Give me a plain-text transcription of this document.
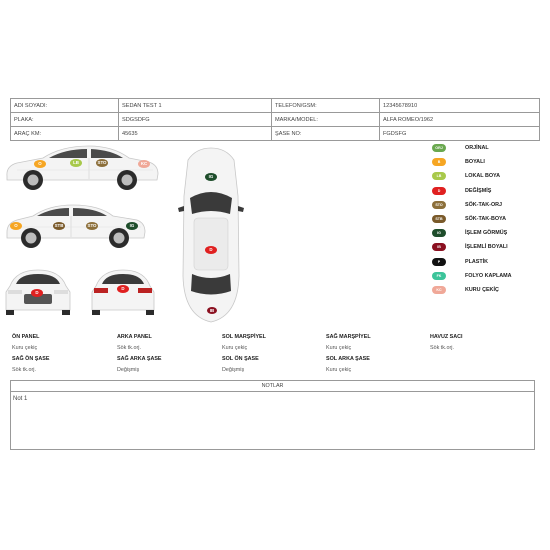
ADI SOYADI:	SEDAN TEST 1	TELEFON/GSM:	12345678910
PLAKA:	SDGSDFG	MARKA/MODEL:	ALFA ROMEO/1962
ARAÇ KM:	45635	ŞASE NO:	FGDSFG
O	LB	STO	KC
O	STB	STO	IG
IG
D
IB
D
D
ORJ	ORJİNAL
B	BOYALI
LB	LOKAL BOYA
D	DEĞİŞMİŞ
STO	SÖK-TAK-ORJ
STB	SÖK-TAK-BOYA
IG	İŞLEM GÖRMÜŞ
IB	İŞLEMLİ BOYALI
P	PLASTİK
FK	FOLYO KAPLAMA
KC	KURU ÇEKİÇ
ÖN PANEL	ARKA PANEL	SOL MARŞPİYEL	SAĞ MARŞPİYEL	HAVUZ SACI
Kuru çekiç	Sök tk.orj.	Kuru çekiç	Kuru çekiç	Sök tk.orj.
SAĞ ÖN ŞASE	SAĞ ARKA ŞASE	SOL ÖN ŞASE	SOL ARKA ŞASE
Sök tk.orj.	Değişmiş	Değişmiş	Kuru çekiç
NOTLAR
Not 1
